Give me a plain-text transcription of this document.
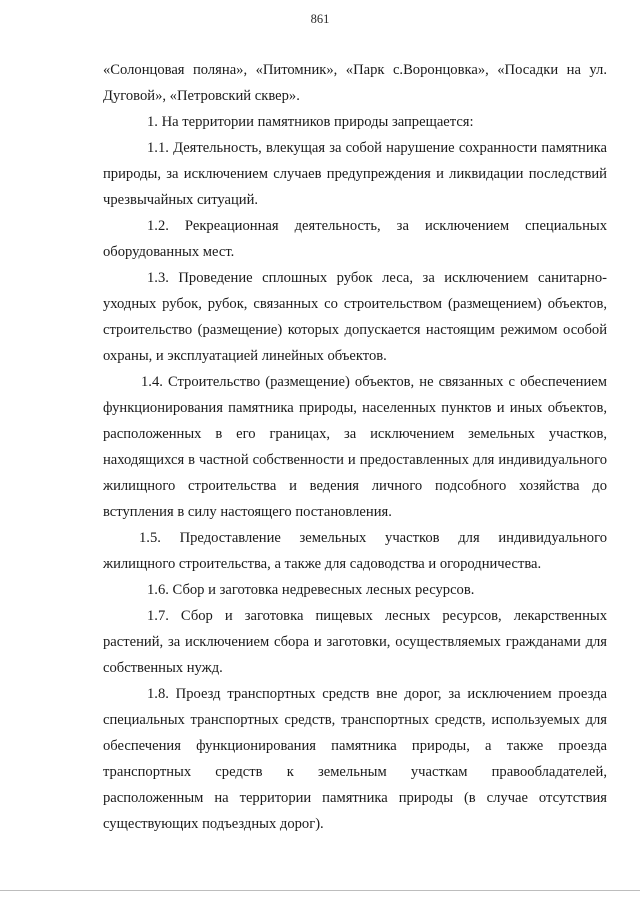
861

«Солонцовая поляна», «Питомник», «Парк с.Воронцовка», «Посадки на ул. Дуговой», «Петровский сквер».

1. На территории памятников природы запрещается:

1.1. Деятельность, влекущая за собой нарушение сохранности памятника природы, за исключением случаев предупреждения и ликвидации последствий чрезвычайных ситуаций.

1.2. Рекреационная деятельность, за исключением специальных оборудованных мест.

1.3. Проведение сплошных рубок леса, за исключением санитарно-уходных рубок, рубок, связанных со строительством (размещением) объектов, строительство (размещение) которых допускается настоящим режимом особой охраны, и эксплуатацией линейных объектов.

1.4. Строительство (размещение) объектов, не связанных с обеспечением функционирования памятника природы, населенных пунктов и иных объектов, расположенных в его границах, за исключением земельных участков, находящихся в частной собственности и предоставленных для индивидуального жилищного строительства и ведения личного подсобного хозяйства до вступления в силу настоящего постановления.

1.5. Предоставление земельных участков для индивидуального жилищного строительства, а также для садоводства и огородничества.

1.6. Сбор и заготовка недревесных лесных ресурсов.

1.7. Сбор и заготовка пищевых лесных ресурсов, лекарственных растений, за исключением сбора и заготовки, осуществляемых гражданами для собственных нужд.

1.8. Проезд транспортных средств вне дорог, за исключением проезда специальных транспортных средств, транспортных средств, используемых для обеспечения функционирования памятника природы, а также проезда транспортных средств к земельным участкам правообладателей, расположенным на территории памятника природы (в случае отсутствия существующих подъездных дорог).
